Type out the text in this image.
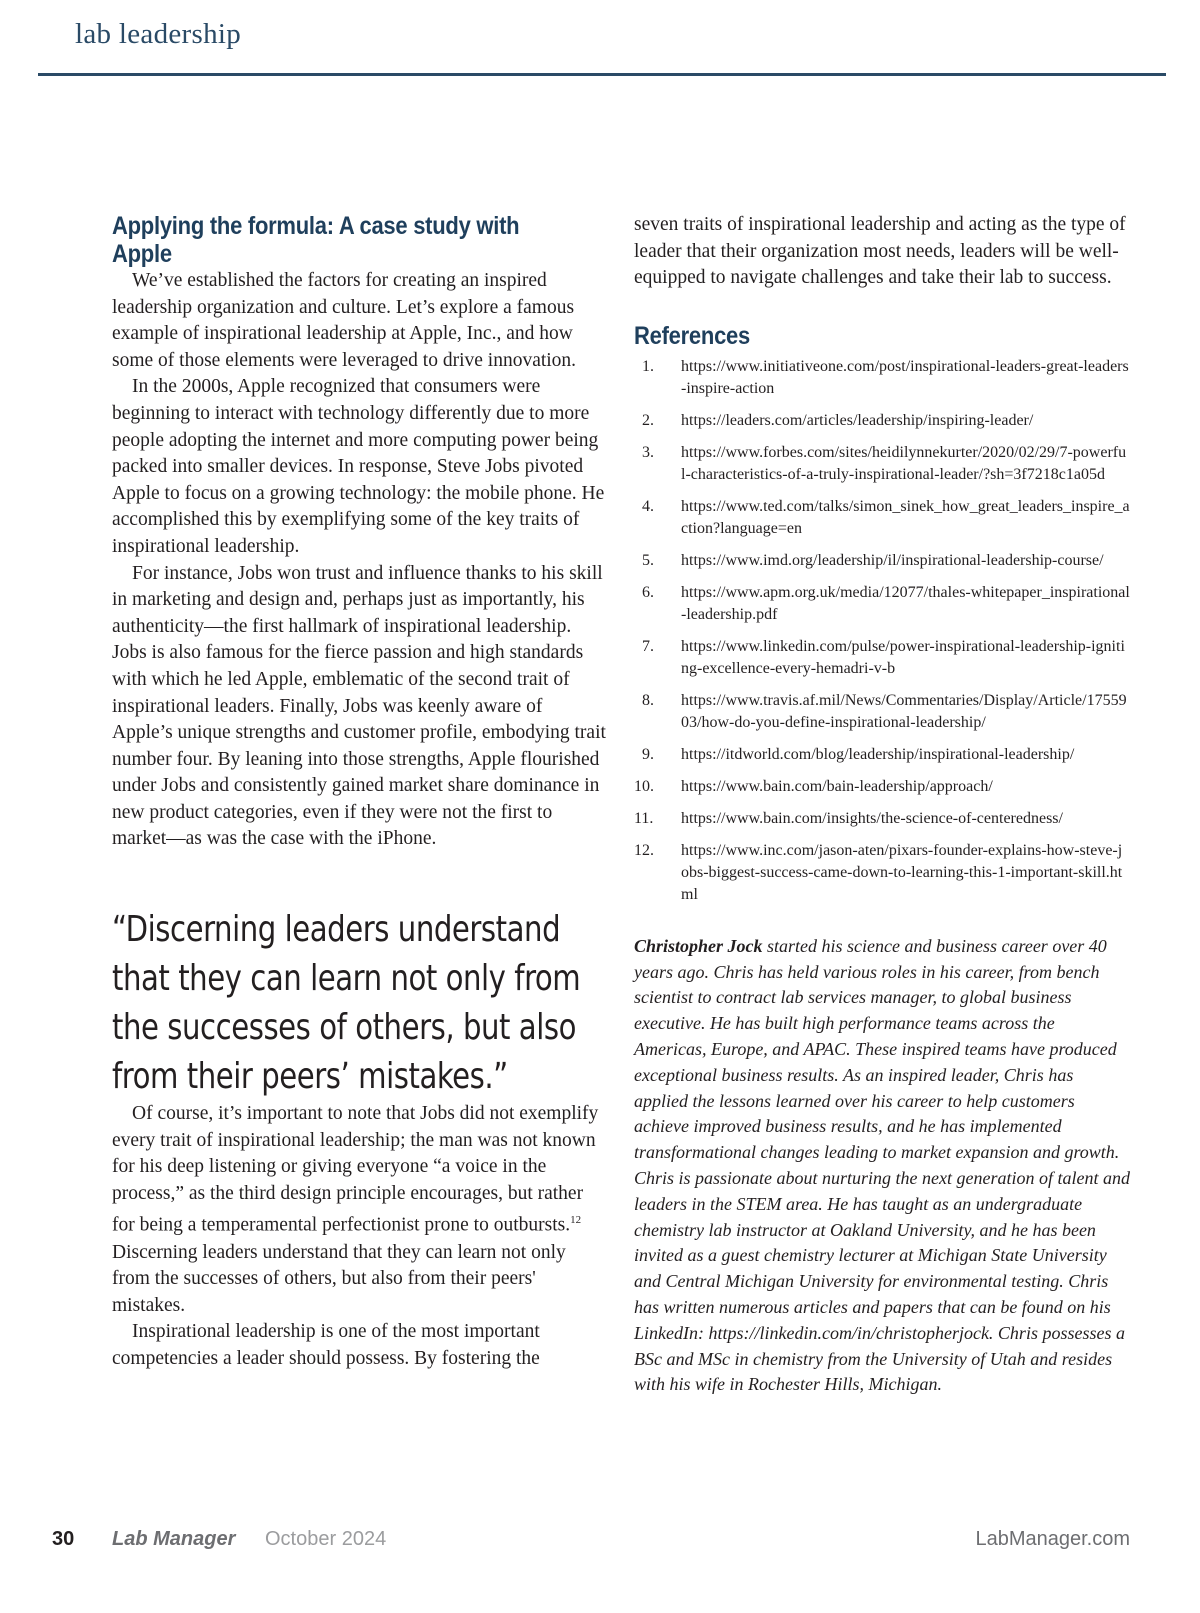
lab leadership
Applying the formula: A case study with Apple

We’ve established the factors for creating an inspired leadership organization and culture. Let’s explore a famous example of inspirational leadership at Apple, Inc., and how some of those elements were leveraged to drive innovation.

In the 2000s, Apple recognized that consumers were beginning to interact with technology differently due to more people adopting the internet and more computing power being packed into smaller devices. In response, Steve Jobs pivoted Apple to focus on a growing technology: the mobile phone. He accomplished this by exemplifying some of the key traits of inspirational leadership.

For instance, Jobs won trust and influence thanks to his skill in marketing and design and, perhaps just as importantly, his authenticity—the first hallmark of inspirational leadership. Jobs is also famous for the fierce passion and high standards with which he led Apple, emblematic of the second trait of inspirational leaders. Finally, Jobs was keenly aware of Apple’s unique strengths and customer profile, embodying trait number four. By leaning into those strengths, Apple flourished under Jobs and consistently gained market share dominance in new product categories, even if they were not the first to market—as was the case with the iPhone.

“Discerning leaders understand that they can learn not only from the successes of others, but also from their peers’ mistakes.”

Of course, it’s important to note that Jobs did not exemplify every trait of inspirational leadership; the man was not known for his deep listening or giving everyone “a voice in the process,” as the third design principle encourages, but rather for being a temperamental perfectionist prone to outbursts.$^{12}$ Discerning leaders understand that they can learn not only from the successes of others, but also from their peers' mistakes.

Inspirational leadership is one of the most important competencies a leader should possess. By fostering the

seven traits of inspirational leadership and acting as the type of leader that their organization most needs, leaders will be well-equipped to navigate challenges and take their lab to success.

References
1.	https://www.initiativeone.com/post/inspirational-leaders-great-leaders-inspire-action
2.	https://leaders.com/articles/leadership/inspiring-leader/
3.	https://www.forbes.com/sites/heidilynnekurter/2020/02/29/7-powerful-characteristics-of-a-truly-inspirational-leader/?sh=3f7218c1a05d
4.	https://www.ted.com/talks/simon_sinek_how_great_leaders_inspire_action?language=en
5.	https://www.imd.org/leadership/il/inspirational-leadership-course/
6.	https://www.apm.org.uk/media/12077/thales-whitepaper_inspirational-leadership.pdf
7.	https://www.linkedin.com/pulse/power-inspirational-leadership-igniting-excellence-every-hemadri-v-b
8.	https://www.travis.af.mil/News/Commentaries/Display/Article/1755903/how-do-you-define-inspirational-leadership/
9.	https://itdworld.com/blog/leadership/inspirational-leadership/
10.	https://www.bain.com/bain-leadership/approach/
11.	https://www.bain.com/insights/the-science-of-centeredness/
12.	https://www.inc.com/jason-aten/pixars-founder-explains-how-steve-jobs-biggest-success-came-down-to-learning-this-1-important-skill.html

Christopher Jock started his science and business career over 40 years ago. Chris has held various roles in his career, from bench scientist to contract lab services manager, to global business executive. He has built high performance teams across the Americas, Europe, and APAC. These inspired teams have produced exceptional business results. As an inspired leader, Chris has applied the lessons learned over his career to help customers achieve improved business results, and he has implemented transformational changes leading to market expansion and growth.

Chris is passionate about nurturing the next generation of talent and leaders in the STEM area. He has taught as an undergraduate chemistry lab instructor at Oakland University, and he has been invited as a guest chemistry lecturer at Michigan State University and Central Michigan University for environmental testing. Chris has written numerous articles and papers that can be found on his LinkedIn: https://linkedin.com/in/christopherjock. Chris possesses a BSc and MSc in chemistry from the University of Utah and resides with his wife in Rochester Hills, Michigan.

30 Lab Manager October 2024	LabManager.com
